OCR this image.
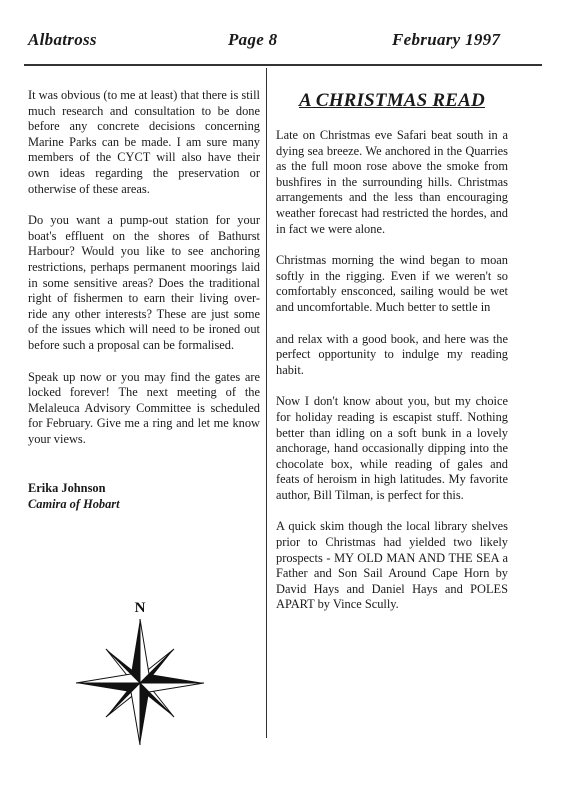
Albatross	Page 8	February 1997

It was obvious (to me at least) that there is still much research and consultation to be done before any concrete decisions concerning Marine Parks can be made. I am sure many members of the CYCT will also have their own ideas regarding the preservation or otherwise of these areas.

Do you want a pump-out station for your boat's effluent on the shores of Bathurst Harbour? Would you like to see anchoring restrictions, perhaps permanent moorings laid in some sensitive areas? Does the traditional right of fishermen to earn their living over-ride any other interests? These are just some of the issues which will need to be ironed out before such a proposal can be formalised.

Speak up now or you may find the gates are locked forever! The next meeting of the Melaleuca Advisory Committee is scheduled for February. Give me a ring and let me know your views.

Erika Johnson
Camira of Hobart
N
A CHRISTMAS READ

Late on Christmas eve Safari beat south in a dying sea breeze. We anchored in the Quarries as the full moon rose above the smoke from bushfires in the surrounding hills. Christmas arrangements and the less than encouraging weather forecast had restricted the hordes, and in fact we were alone.

Christmas morning the wind began to moan softly in the rigging. Even if we weren't so comfortably ensconced, sailing would be wet and uncomfortable. Much better to settle in

and relax with a good book, and here was the perfect opportunity to indulge my reading habit.

Now I don't know about you, but my choice for holiday reading is escapist stuff. Nothing better than idling on a soft bunk in a lovely anchorage, hand occasionally dipping into the chocolate box, while reading of gales and feats of heroism in high latitudes. My favorite author, Bill Tilman, is perfect for this.

A quick skim though the local library shelves prior to Christmas had yielded two likely prospects - MY OLD MAN AND THE SEA a Father and Son Sail Around Cape Horn by David Hays and Daniel Hays and POLES APART by Vince Scully.
